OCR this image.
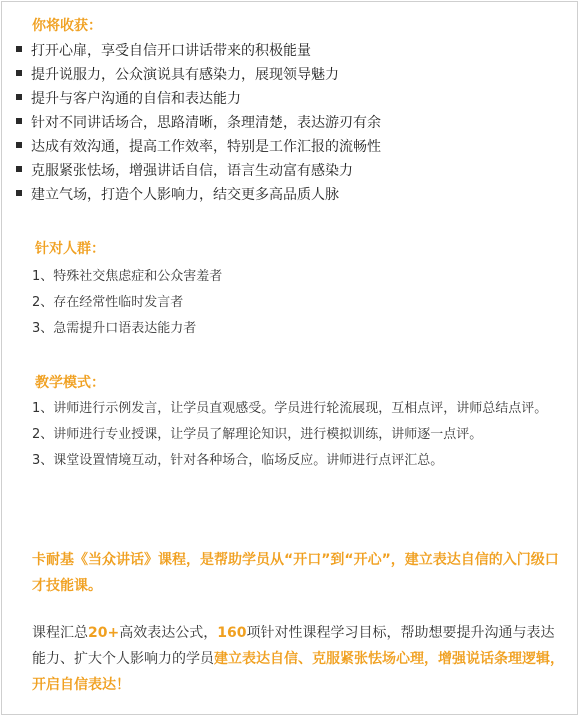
你将收获：
打开心扉，享受自信开口讲话带来的积极能量
提升说服力，公众演说具有感染力，展现领导魅力
提升与客户沟通的自信和表达能力
针对不同讲话场合，思路清晰，条理清楚，表达游刃有余
达成有效沟通，提高工作效率，特别是工作汇报的流畅性
克服紧张怯场，增强讲话自信，语言生动富有感染力
建立气场，打造个人影响力，结交更多高品质人脉
针对人群：
1、特殊社交焦虑症和公众害羞者
2、存在经常性临时发言者
3、急需提升口语表达能力者
教学模式：
1、讲师进行示例发言，让学员直观感受。学员进行轮流展现，互相点评，讲师总结点评。
2、讲师进行专业授课，让学员了解理论知识，进行模拟训练，讲师逐一点评。
3、课堂设置情境互动，针对各种场合，临场反应。讲师进行点评汇总。
卡耐基《当众讲话》课程，是帮助学员从“开口”到“开心”，建立表达自信的入门级口才技能课。
课程汇总20+高效表达公式，160项针对性课程学习目标，帮助想要提升沟通与表达能力、扩大个人影响力的学员建立表达自信、克服紧张怯场心理，增强说话条理逻辑，开启自信表达！
